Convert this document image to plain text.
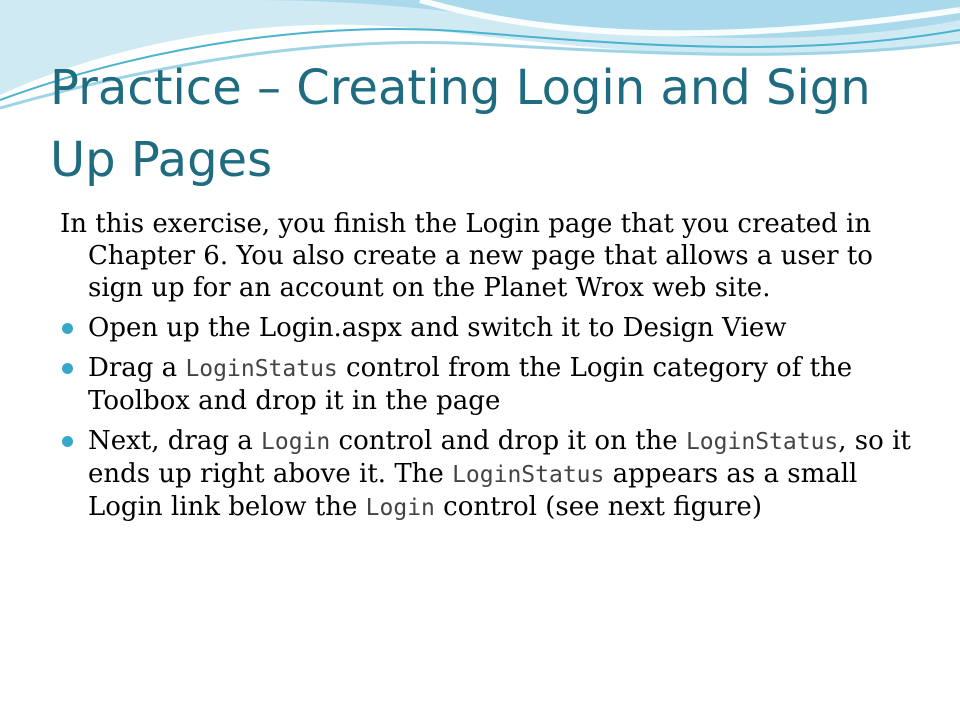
Practice – Creating Login and Sign Up Pages

In this exercise, you finish the Login page that you created in Chapter 6. You also create a new page that allows a user to sign up for an account on the Planet Wrox web site.

Open up the Login.aspx and switch it to Design View
Drag a LoginStatus control from the Login category of the Toolbox and drop it in the page
Next, drag a Login control and drop it on the LoginStatus, so it ends up right above it. The LoginStatus appears as a small Login link below the Login control (see next figure)
